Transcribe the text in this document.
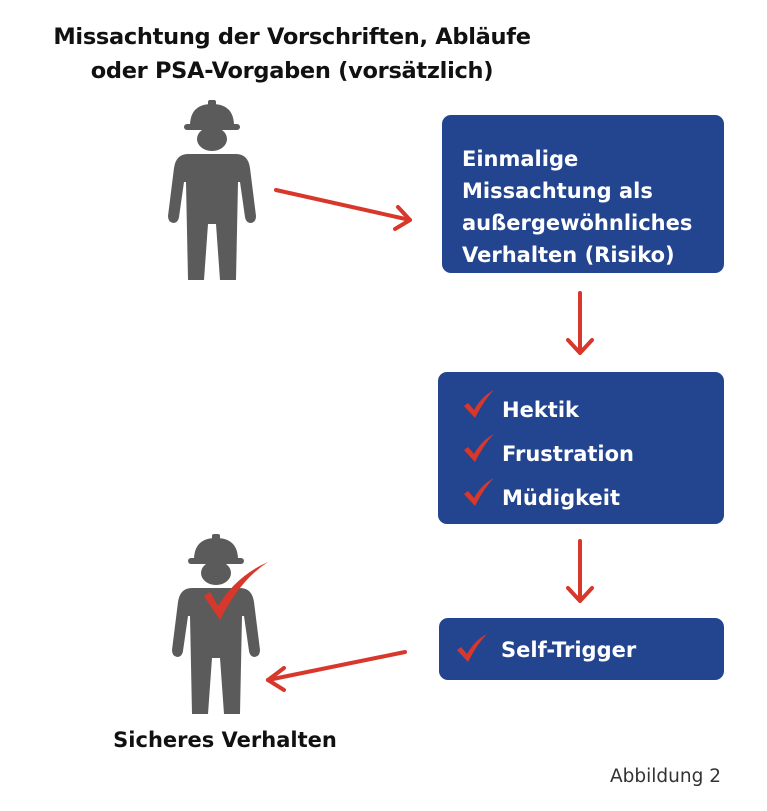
Missachtung der Vorschriften, Abläufe
oder PSA-Vorgaben (vorsätzlich)
Einmalige
Missachtung als
außergewöhnliches
Verhalten (Risiko)
Hektik
Frustration
Müdigkeit
Self-Trigger
Sicheres Verhalten
Abbildung 2
